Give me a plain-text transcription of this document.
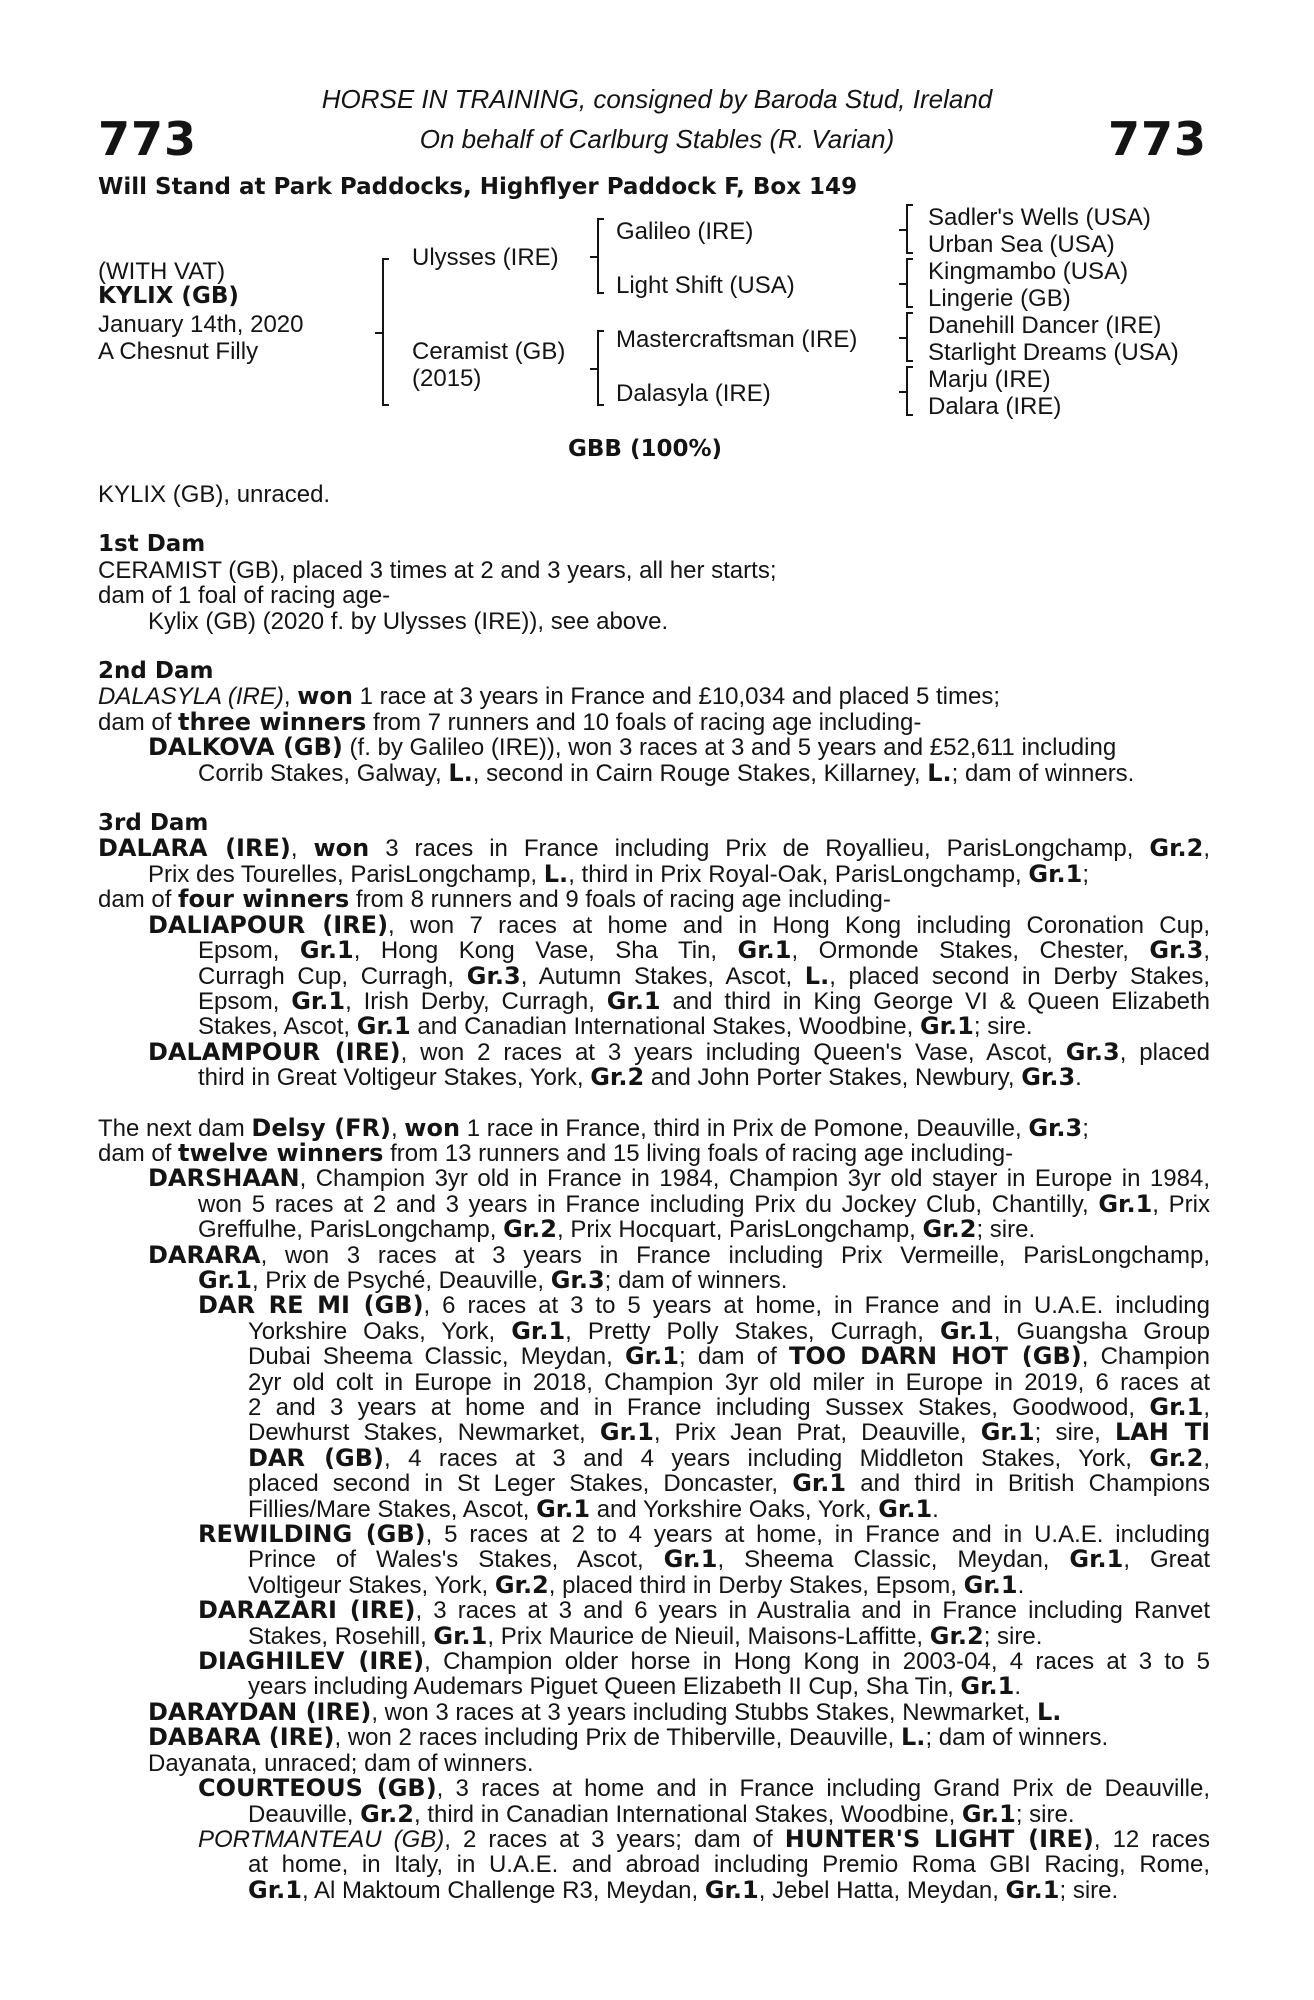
773	773
HORSE IN TRAINING, consigned by Baroda Stud, Ireland
On behalf of Carlburg Stables (R. Varian)
Will Stand at Park Paddocks, Highflyer Paddock F, Box 149
(WITH VAT)
KYLIX (GB)
January 14th, 2020
A Chesnut Filly
Ulysses (IRE)
Ceramist (GB)
(2015)
Galileo (IRE)
Light Shift (USA)
Mastercraftsman (IRE)
Dalasyla (IRE)
Sadler's Wells (USA)
Urban Sea (USA)
Kingmambo (USA)
Lingerie (GB)
Danehill Dancer (IRE)
Starlight Dreams (USA)
Marju (IRE)
Dalara (IRE)
GBB (100%)
KYLIX (GB), unraced.
1st Dam
CERAMIST (GB), placed 3 times at 2 and 3 years, all her starts;
dam of 1 foal of racing age-
Kylix (GB) (2020 f. by Ulysses (IRE)), see above.
2nd Dam
DALASYLA (IRE), won 1 race at 3 years in France and £10,034 and placed 5 times;
dam of three winners from 7 runners and 10 foals of racing age including-
DALKOVA (GB) (f. by Galileo (IRE)), won 3 races at 3 and 5 years and £52,611 including
Corrib Stakes, Galway, L., second in Cairn Rouge Stakes, Killarney, L.; dam of winners.
3rd Dam
DALARA (IRE), won 3 races in France including Prix de Royallieu, ParisLongchamp, Gr.2,
Prix des Tourelles, ParisLongchamp, L., third in Prix Royal-Oak, ParisLongchamp, Gr.1;
dam of four winners from 8 runners and 9 foals of racing age including-
DALIAPOUR (IRE), won 7 races at home and in Hong Kong including Coronation Cup,
Epsom, Gr.1, Hong Kong Vase, Sha Tin, Gr.1, Ormonde Stakes, Chester, Gr.3,
Curragh Cup, Curragh, Gr.3, Autumn Stakes, Ascot, L., placed second in Derby Stakes,
Epsom, Gr.1, Irish Derby, Curragh, Gr.1 and third in King George VI & Queen Elizabeth
Stakes, Ascot, Gr.1 and Canadian International Stakes, Woodbine, Gr.1; sire.
DALAMPOUR (IRE), won 2 races at 3 years including Queen's Vase, Ascot, Gr.3, placed
third in Great Voltigeur Stakes, York, Gr.2 and John Porter Stakes, Newbury, Gr.3.
The next dam Delsy (FR), won 1 race in France, third in Prix de Pomone, Deauville, Gr.3;
dam of twelve winners from 13 runners and 15 living foals of racing age including-
DARSHAAN, Champion 3yr old in France in 1984, Champion 3yr old stayer in Europe in 1984,
won 5 races at 2 and 3 years in France including Prix du Jockey Club, Chantilly, Gr.1, Prix
Greffulhe, ParisLongchamp, Gr.2, Prix Hocquart, ParisLongchamp, Gr.2; sire.
DARARA, won 3 races at 3 years in France including Prix Vermeille, ParisLongchamp,
Gr.1, Prix de Psyché, Deauville, Gr.3; dam of winners.
DAR RE MI (GB), 6 races at 3 to 5 years at home, in France and in U.A.E. including
Yorkshire Oaks, York, Gr.1, Pretty Polly Stakes, Curragh, Gr.1, Guangsha Group
Dubai Sheema Classic, Meydan, Gr.1; dam of TOO DARN HOT (GB), Champion
2yr old colt in Europe in 2018, Champion 3yr old miler in Europe in 2019, 6 races at
2 and 3 years at home and in France including Sussex Stakes, Goodwood, Gr.1,
Dewhurst Stakes, Newmarket, Gr.1, Prix Jean Prat, Deauville, Gr.1; sire, LAH TI
DAR (GB), 4 races at 3 and 4 years including Middleton Stakes, York, Gr.2,
placed second in St Leger Stakes, Doncaster, Gr.1 and third in British Champions
Fillies/Mare Stakes, Ascot, Gr.1 and Yorkshire Oaks, York, Gr.1.
REWILDING (GB), 5 races at 2 to 4 years at home, in France and in U.A.E. including
Prince of Wales's Stakes, Ascot, Gr.1, Sheema Classic, Meydan, Gr.1, Great
Voltigeur Stakes, York, Gr.2, placed third in Derby Stakes, Epsom, Gr.1.
DARAZARI (IRE), 3 races at 3 and 6 years in Australia and in France including Ranvet
Stakes, Rosehill, Gr.1, Prix Maurice de Nieuil, Maisons-Laffitte, Gr.2; sire.
DIAGHILEV (IRE), Champion older horse in Hong Kong in 2003-04, 4 races at 3 to 5
years including Audemars Piguet Queen Elizabeth II Cup, Sha Tin, Gr.1.
DARAYDAN (IRE), won 3 races at 3 years including Stubbs Stakes, Newmarket, L.
DABARA (IRE), won 2 races including Prix de Thiberville, Deauville, L.; dam of winners.
Dayanata, unraced; dam of winners.
COURTEOUS (GB), 3 races at home and in France including Grand Prix de Deauville,
Deauville, Gr.2, third in Canadian International Stakes, Woodbine, Gr.1; sire.
PORTMANTEAU (GB), 2 races at 3 years; dam of HUNTER'S LIGHT (IRE), 12 races
at home, in Italy, in U.A.E. and abroad including Premio Roma GBI Racing, Rome,
Gr.1, Al Maktoum Challenge R3, Meydan, Gr.1, Jebel Hatta, Meydan, Gr.1; sire.
